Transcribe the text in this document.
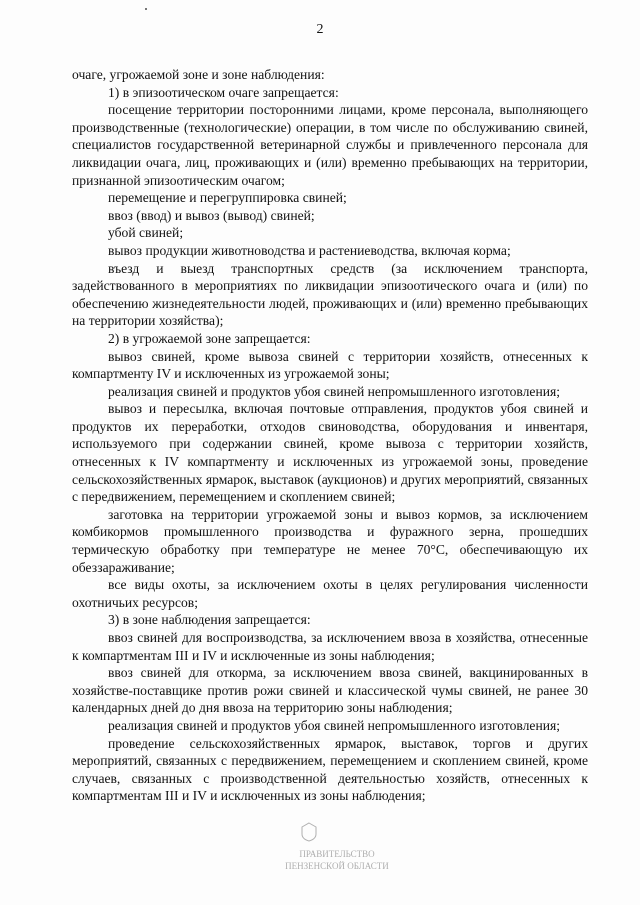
2

очаге, угрожаемой зоне и зоне наблюдения:

1) в эпизоотическом очаге запрещается:

посещение территории посторонними лицами, кроме персонала, выполняющего производственные (технологические) операции, в том числе по обслуживанию свиней, специалистов государственной ветеринарной службы и привлеченного персонала для ликвидации очага, лиц, проживающих и (или) временно пребывающих на территории, признанной эпизоотическим очагом;

перемещение и перегруппировка свиней;

ввоз (ввод) и вывоз (вывод) свиней;

убой свиней;

вывоз продукции животноводства и растениеводства, включая корма;

въезд и выезд транспортных средств (за исключением транспорта, задействованного в мероприятиях по ликвидации эпизоотического очага и (или) по обеспечению жизнедеятельности людей, проживающих и (или) временно пребывающих на территории хозяйства);

2) в угрожаемой зоне запрещается:

вывоз свиней, кроме вывоза свиней с территории хозяйств, отнесенных к компартменту IV и исключенных из угрожаемой зоны;

реализация свиней и продуктов убоя свиней непромышленного изготовления;

вывоз и пересылка, включая почтовые отправления, продуктов убоя свиней и продуктов их переработки, отходов свиноводства, оборудования и инвентаря, используемого при содержании свиней, кроме вывоза с территории хозяйств, отнесенных к IV компартменту и исключенных из угрожаемой зоны, проведение сельскохозяйственных ярмарок, выставок (аукционов) и других мероприятий, связанных с передвижением, перемещением и скоплением свиней;

заготовка на территории угрожаемой зоны и вывоз кормов, за исключением комбикормов промышленного производства и фуражного зерна, прошедших термическую обработку при температуре не менее 70°С, обеспечивающую их обеззараживание;

все виды охоты, за исключением охоты в целях регулирования численности охотничьих ресурсов;

3) в зоне наблюдения запрещается:

ввоз свиней для воспроизводства, за исключением ввоза в хозяйства, отнесенные к компартментам III и IV и исключенные из зоны наблюдения;

ввоз свиней для откорма, за исключением ввоза свиней, вакцинированных в хозяйстве-поставщике против рожи свиней и классической чумы свиней, не ранее 30 календарных дней до дня ввоза на территорию зоны наблюдения;

реализация свиней и продуктов убоя свиней непромышленного изготовления;

проведение сельскохозяйственных ярмарок, выставок, торгов и других мероприятий, связанных с передвижением, перемещением и скоплением свиней, кроме случаев, связанных с производственной деятельностью хозяйств, отнесенных к компартментам III и IV и исключенных из зоны наблюдения;

ПРАВИТЕЛЬСТВО
ПЕНЗЕНСКОЙ ОБЛАСТИ
